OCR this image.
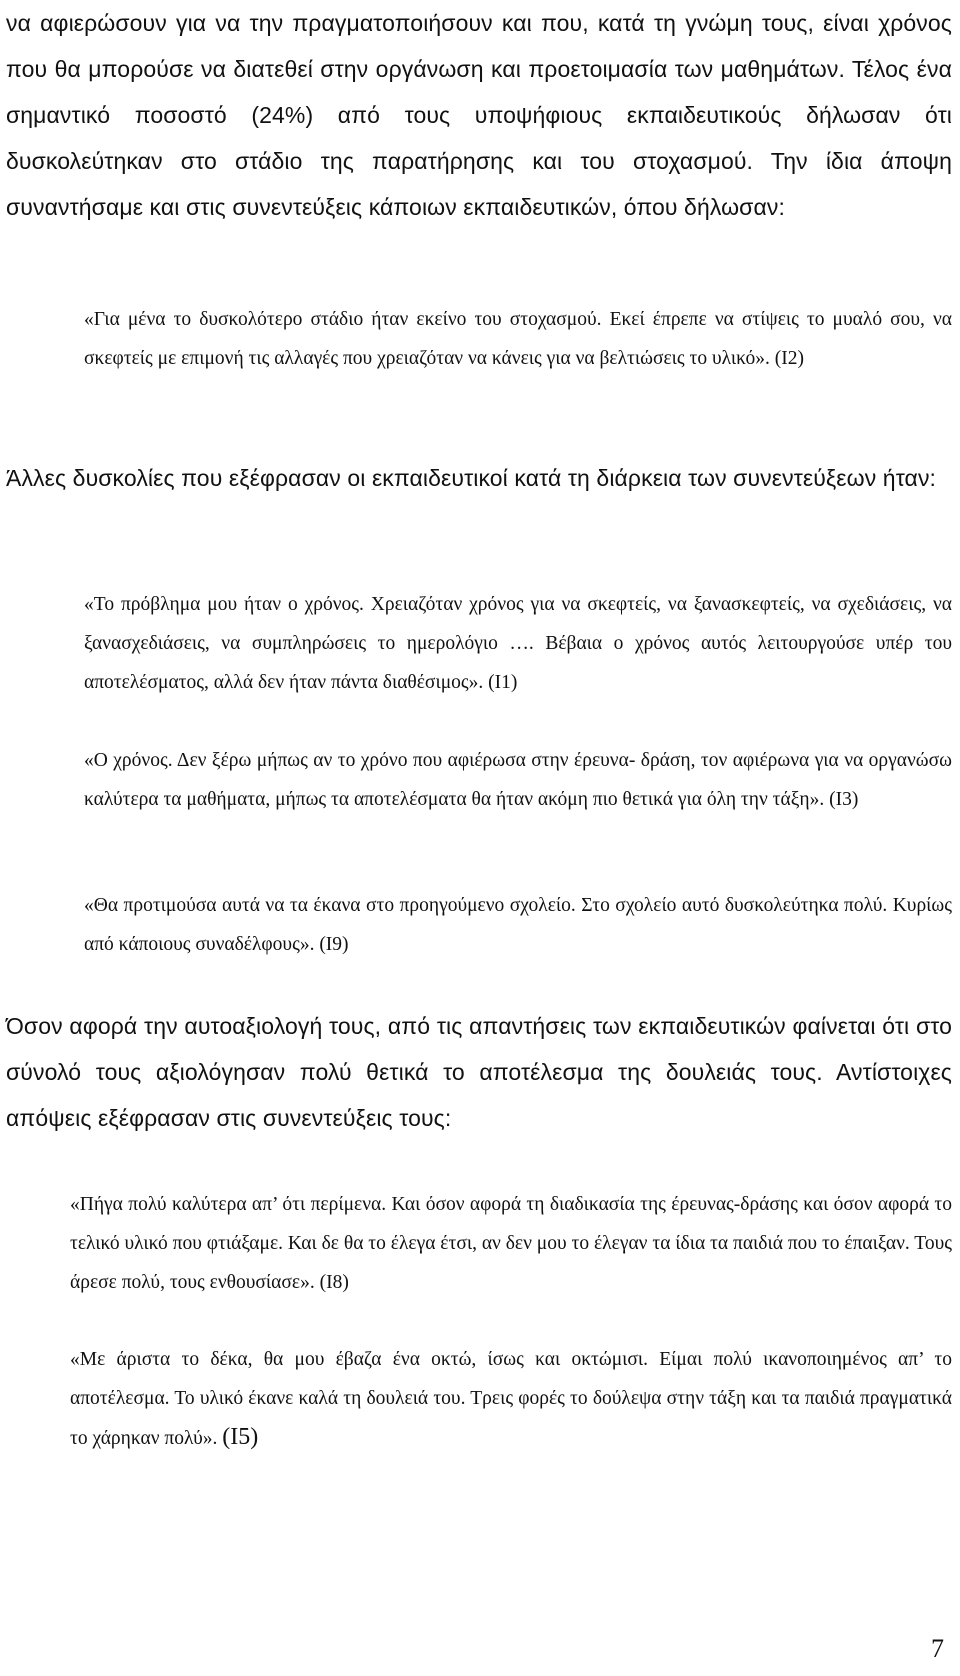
να αφιερώσουν για να την πραγματοποιήσουν και που, κατά τη γνώμη τους, είναι χρόνος που θα μπορούσε να διατεθεί στην οργάνωση και προετοιμασία των μαθημάτων. Τέλος ένα σημαντικό ποσοστό (24%) από τους υποψήφιους εκπαιδευτικούς δήλωσαν ότι δυσκολεύτηκαν στο στάδιο της παρατήρησης και του στοχασμού. Την ίδια άποψη συναντήσαμε και στις συνεντεύξεις κάποιων εκπαιδευτικών, όπου δήλωσαν:

«Για μένα το δυσκολότερο στάδιο ήταν εκείνο του στοχασμού. Εκεί έπρεπε να στίψεις το μυαλό σου, να σκεφτείς με επιμονή τις αλλαγές που χρειαζόταν να κάνεις για να βελτιώσεις το υλικό». (Ι2)

Άλλες δυσκολίες που εξέφρασαν οι εκπαιδευτικοί κατά τη διάρκεια των συνεντεύξεων ήταν:

«Το πρόβλημα μου ήταν ο χρόνος. Χρειαζόταν χρόνος για να σκεφτείς, να ξανασκεφτείς, να σχεδιάσεις, να ξανασχεδιάσεις, να συμπληρώσεις το ημερολόγιο …. Βέβαια ο χρόνος αυτός λειτουργούσε υπέρ του αποτελέσματος, αλλά δεν ήταν πάντα διαθέσιμος». (Ι1)

«Ο χρόνος. Δεν ξέρω μήπως αν το χρόνο που αφιέρωσα στην έρευνα- δράση, τον αφιέρωνα για να οργανώσω καλύτερα τα μαθήματα, μήπως τα αποτελέσματα θα ήταν ακόμη πιο θετικά για όλη την τάξη». (Ι3)

«Θα προτιμούσα αυτά να τα έκανα στο προηγούμενο σχολείο. Στο σχολείο αυτό δυσκολεύτηκα πολύ. Κυρίως από κάποιους συναδέλφους». (Ι9)

Όσον αφορά την αυτοαξιολογή τους, από τις απαντήσεις των εκπαιδευτικών φαίνεται ότι στο σύνολό τους αξιολόγησαν πολύ θετικά το αποτέλεσμα της δουλειάς τους. Αντίστοιχες απόψεις εξέφρασαν στις συνεντεύξεις τους:

«Πήγα πολύ καλύτερα απ’ ότι περίμενα. Και όσον αφορά τη διαδικασία της έρευνας-δράσης και όσον αφορά το τελικό υλικό που φτιάξαμε. Και δε θα το έλεγα έτσι, αν δεν μου το έλεγαν τα ίδια τα παιδιά που το έπαιξαν. Τους άρεσε πολύ, τους ενθουσίασε». (Ι8)

«Με άριστα το δέκα, θα μου έβαζα ένα οκτώ, ίσως και οκτώμισι. Είμαι πολύ ικανοποιημένος απ’ το αποτέλεσμα. Το υλικό έκανε καλά τη δουλειά του. Τρεις φορές το δούλεψα στην τάξη και τα παιδιά πραγματικά το χάρηκαν πολύ». (Ι5)

7
